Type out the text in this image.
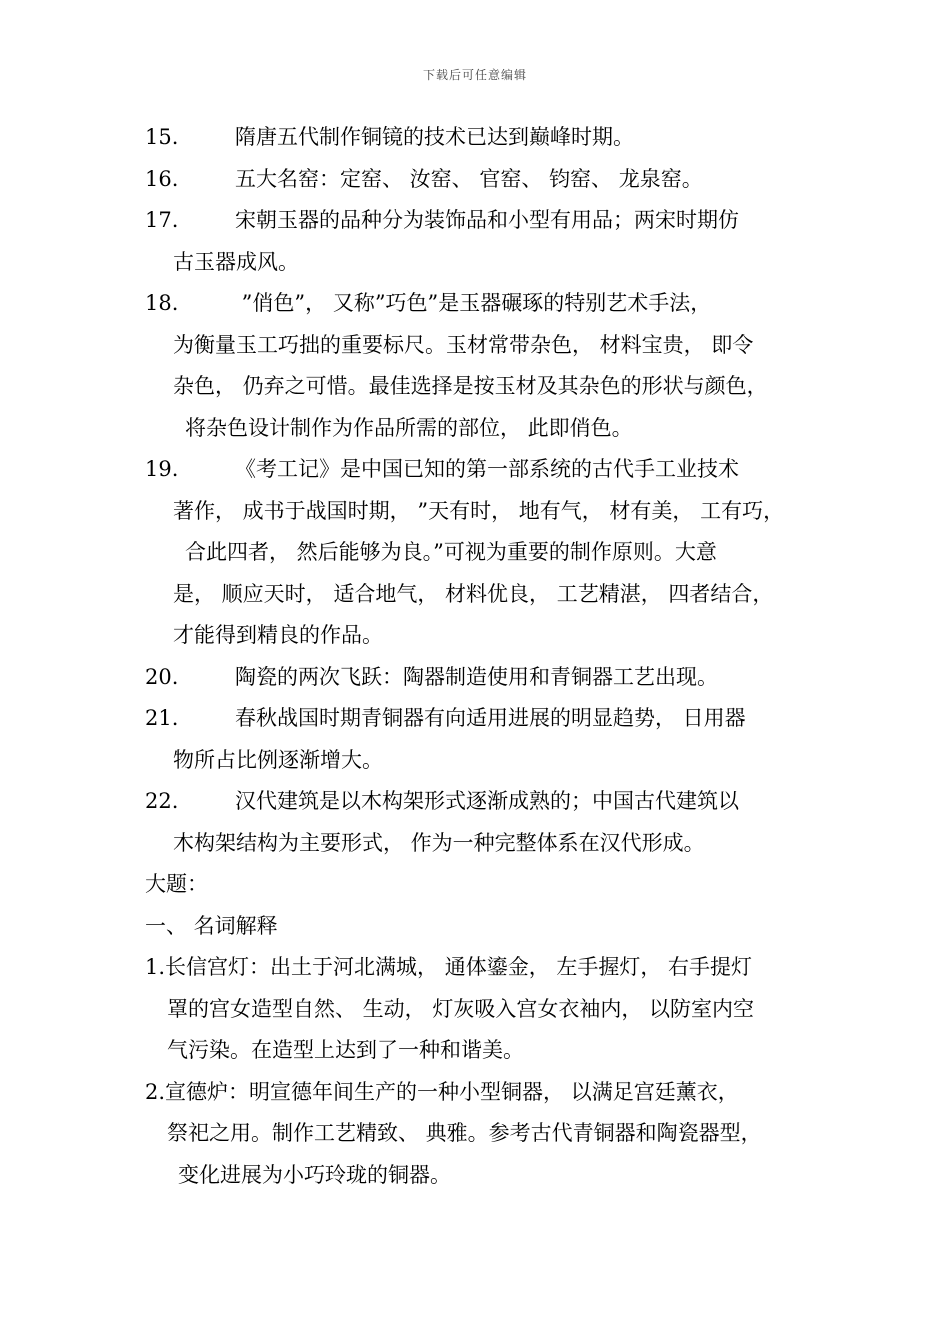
下载后可任意编辑
15.	隋唐五代制作铜镜的技术已达到巅峰时期。
16.	五大名窑：定窑、 汝窑、 官窑、 钧窑、 龙泉窑。
17.	宋朝玉器的品种分为装饰品和小型有用品；两宋时期仿
古玉器成风。
18.	”俏色”， 又称”巧色”是玉器碾琢的特别艺术手法，
为衡量玉工巧拙的重要标尺。玉材常带杂色， 材料宝贵， 即令
杂色， 仍弃之可惜。最佳选择是按玉材及其杂色的形状与颜色，
将杂色设计制作为作品所需的部位， 此即俏色。
19.	《考工记》是中国已知的第一部系统的古代手工业技术
著作， 成书于战国时期， ”天有时， 地有气， 材有美， 工有巧，
合此四者， 然后能够为良。”可视为重要的制作原则。大意
是， 顺应天时， 适合地气， 材料优良， 工艺精湛， 四者结合，
才能得到精良的作品。
20.	陶瓷的两次飞跃：陶器制造使用和青铜器工艺出现。
21.	春秋战国时期青铜器有向适用进展的明显趋势， 日用器
物所占比例逐渐增大。
22.	汉代建筑是以木构架形式逐渐成熟的；中国古代建筑以
木构架结构为主要形式， 作为一种完整体系在汉代形成。
大题：
一、 名词解释
1.长信宫灯：出土于河北满城， 通体鎏金， 左手握灯， 右手提灯
罩的宫女造型自然、 生动， 灯灰吸入宫女衣袖内， 以防室内空
气污染。在造型上达到了一种和谐美。
2.宣德炉：明宣德年间生产的一种小型铜器， 以满足宫廷薰衣，
祭祀之用。制作工艺精致、 典雅。参考古代青铜器和陶瓷器型，
变化进展为小巧玲珑的铜器。
